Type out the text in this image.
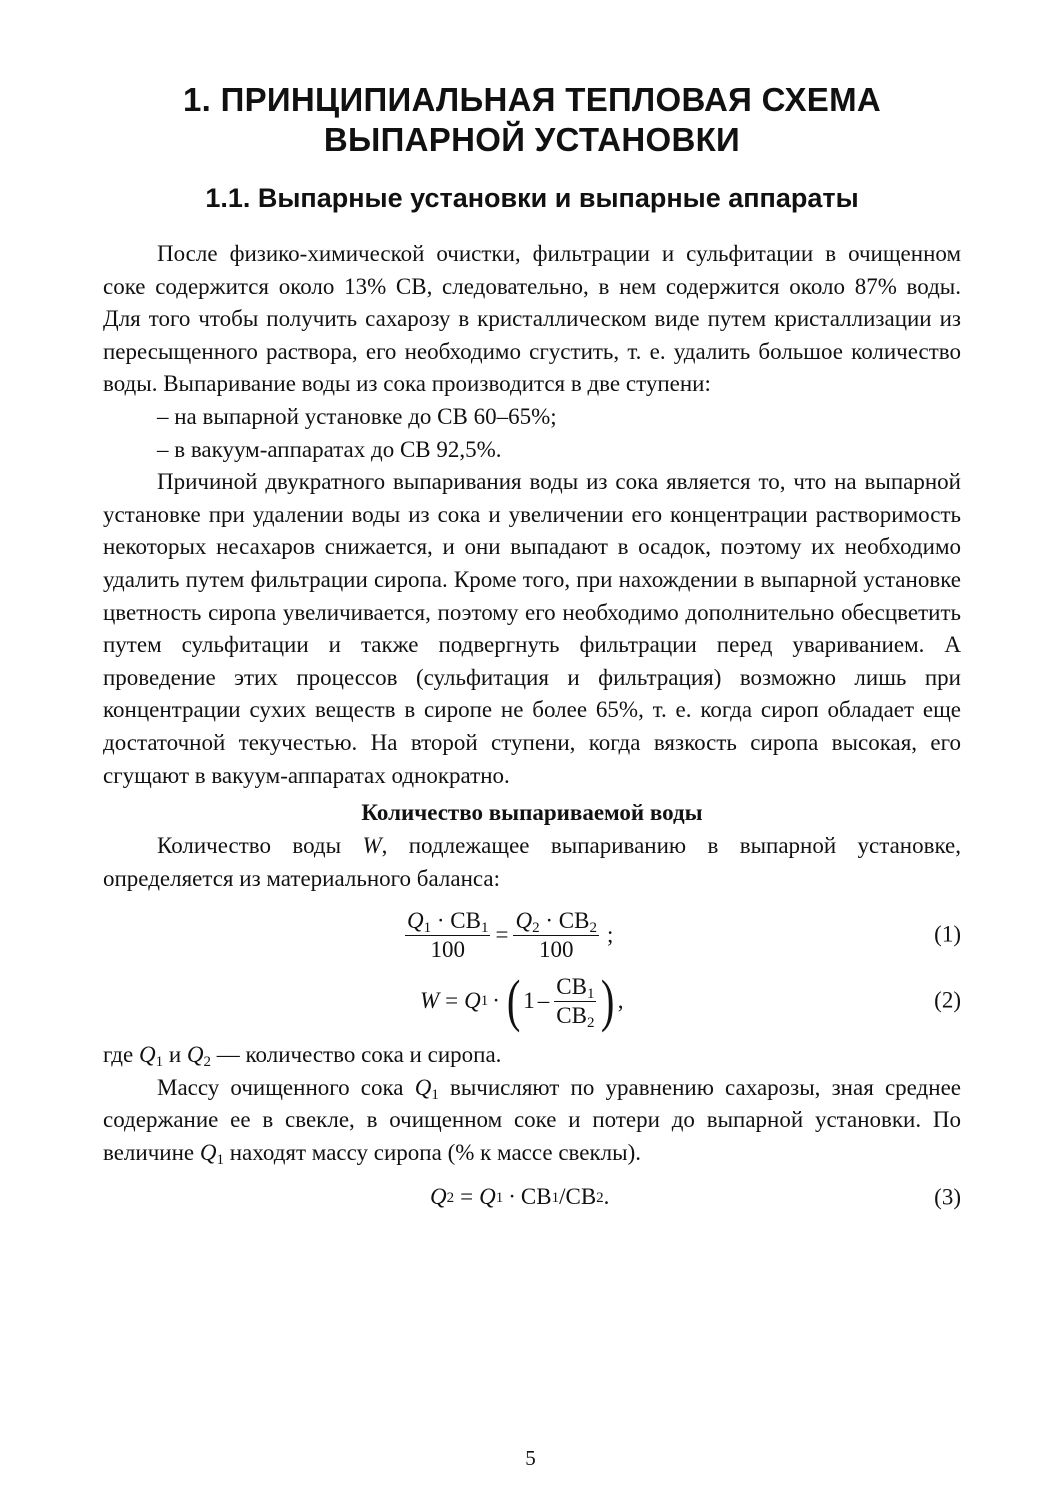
1. ПРИНЦИПИАЛЬНАЯ ТЕПЛОВАЯ СХЕМА
ВЫПАРНОЙ УСТАНОВКИ
1.1. Выпарные установки и выпарные аппараты

После физико-химической очистки, фильтрации и сульфитации в очищенном соке содержится около 13% СВ, следовательно, в нем содержится около 87% воды. Для того чтобы получить сахарозу в кристаллическом виде путем кристаллизации из пересыщенного раствора, его необходимо сгустить, т. е. удалить большое количество воды. Выпаривание воды из сока производится в две ступени:

– на выпарной установке до СВ 60–65%;

– в вакуум-аппаратах до СВ 92,5%.

Причиной двукратного выпаривания воды из сока является то, что на выпарной установке при удалении воды из сока и увеличении его концентрации растворимость некоторых несахаров снижается, и они выпадают в осадок, поэтому их необходимо удалить путем фильтрации сиропа. Кроме того, при нахождении в выпарной установке цветность сиропа увеличивается, поэтому его необходимо дополнительно обесцветить путем сульфитации и также подвергнуть фильтрации перед увариванием. А проведение этих процессов (сульфитация и фильтрация) возможно лишь при концентрации сухих веществ в сиропе не более 65%, т. е. когда сироп обладает еще достаточной текучестью. На второй ступени, когда вязкость сиропа высокая, его сгущают в вакуум-аппаратах однократно.

Количество выпариваемой воды

Количество воды W, подлежащее выпариванию в выпарной установке, определяется из материального баланса:

$\frac{Q_1 \cdot СВ_1}{100} = \frac{Q_2 \cdot СВ_2}{100}$ ;	(1)
W = Q 1 · ( $1 - \frac{СВ_1}{СВ_2}$ ) ,	(2)

где $Q_1$ и $Q_2$ — количество сока и сиропа.

Массу очищенного сока $Q_1$ вычисляют по уравнению сахарозы, зная среднее содержание ее в свекле, в очищенном соке и потери до выпарной установки. По величине $Q_1$ находят массу сиропа (% к массе свеклы).

Q 2 = Q 1 · СВ 1 / СВ 2 .	(3)
5
